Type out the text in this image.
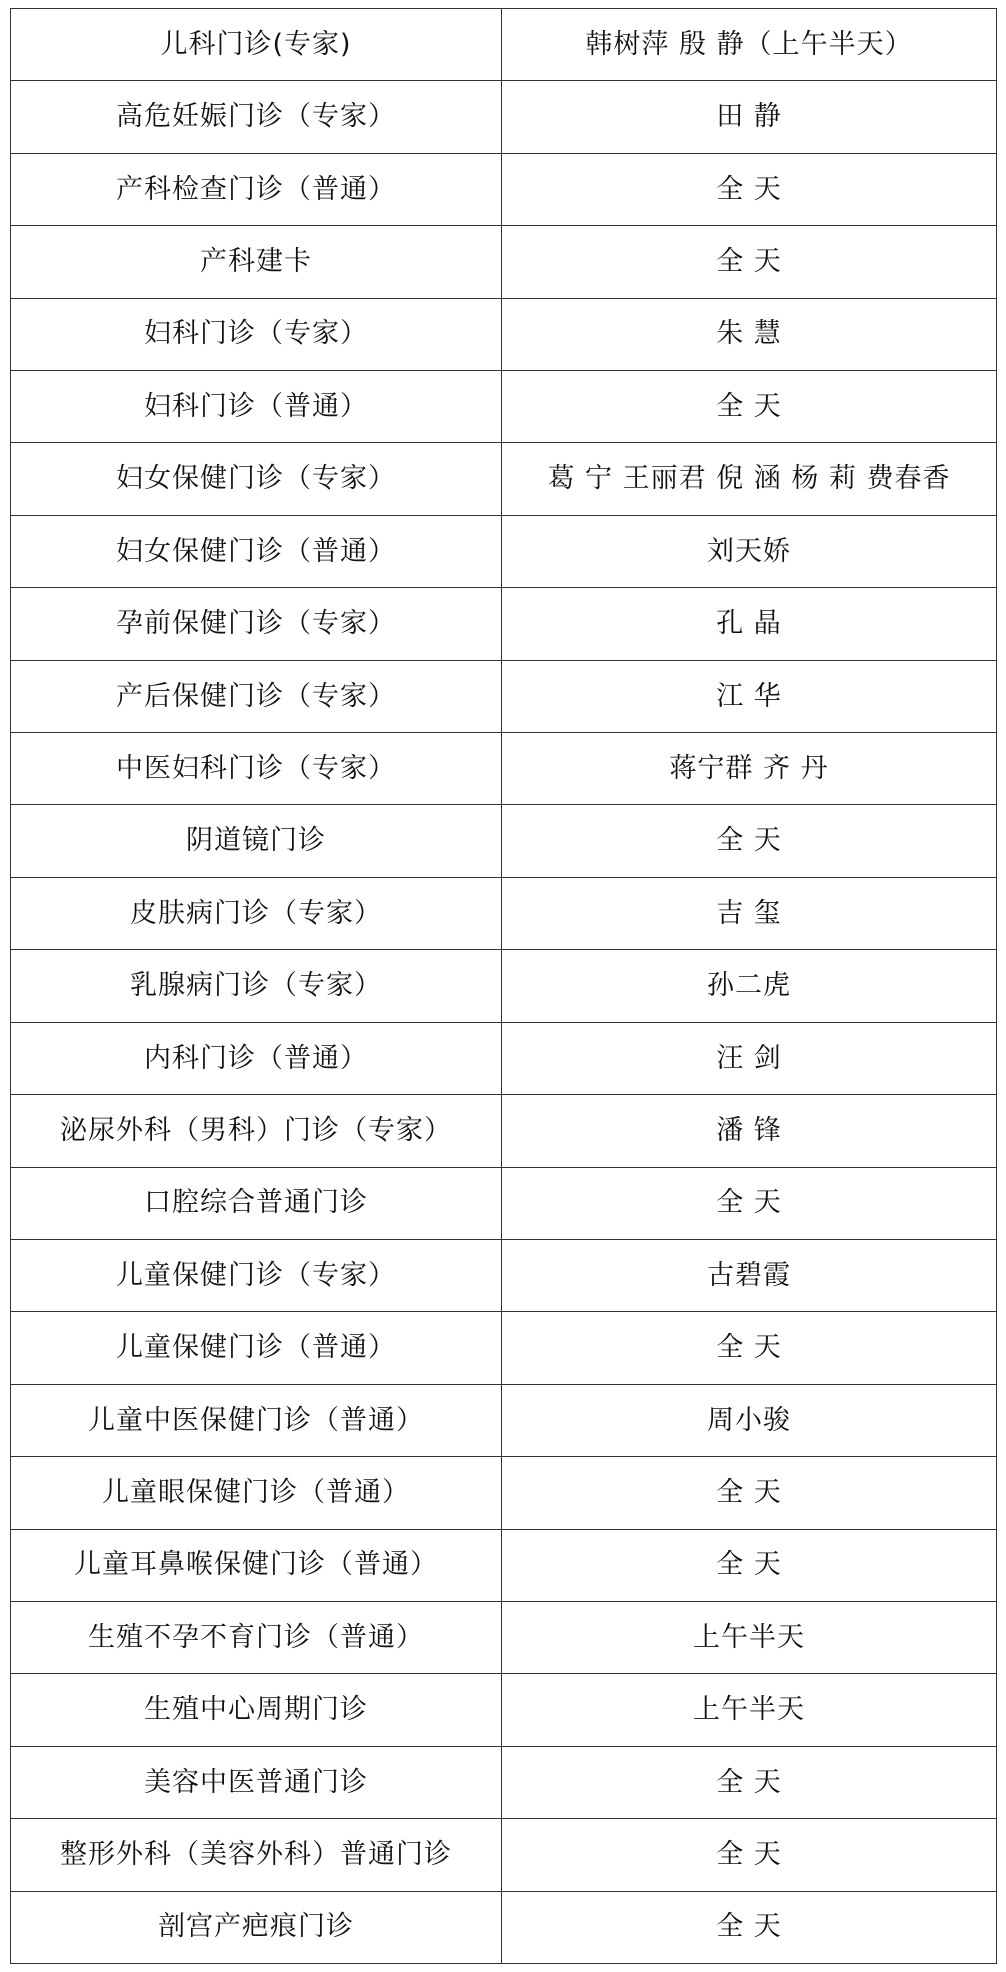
儿科门诊(专家)	韩树萍 殷 静（上午半天）
高危妊娠门诊（专家）	田 静
产科检查门诊（普通）	全 天
产科建卡	全 天
妇科门诊（专家）	朱 慧
妇科门诊（普通）	全 天
妇女保健门诊（专家）	葛 宁 王丽君 倪 涵 杨 莉 费春香
妇女保健门诊（普通）	刘天娇
孕前保健门诊（专家）	孔 晶
产后保健门诊（专家）	江 华
中医妇科门诊（专家）	蒋宁群 齐 丹
阴道镜门诊	全 天
皮肤病门诊（专家）	吉 玺
乳腺病门诊（专家）	孙二虎
内科门诊（普通）	汪 剑
泌尿外科（男科）门诊（专家）	潘 锋
口腔综合普通门诊	全 天
儿童保健门诊（专家）	古碧霞
儿童保健门诊（普通）	全 天
儿童中医保健门诊（普通）	周小骏
儿童眼保健门诊（普通）	全 天
儿童耳鼻喉保健门诊（普通）	全 天
生殖不孕不育门诊（普通）	上午半天
生殖中心周期门诊	上午半天
美容中医普通门诊	全 天
整形外科（美容外科）普通门诊	全 天
剖宫产疤痕门诊	全 天
